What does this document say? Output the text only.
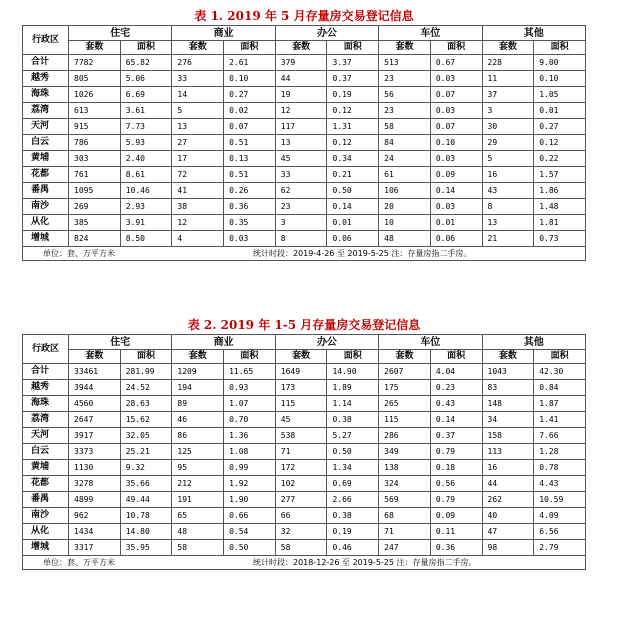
表 1. 2019 年 5 月存量房交易登记信息
行政区	住宅		商业		办公		车位		其他	
	套数	面积	套数	面积	套数	面积	套数	面积	套数	面积
合计	7782	65.82	276	2.61	379	3.37	513	0.67	228	9.00
越秀	805	5.06	33	0.10	44	0.37	23	0.03	11	0.10
海珠	1026	6.69	14	0.27	19	0.19	56	0.07	37	1.05
荔湾	613	3.61	5	0.02	12	0.12	23	0.03	3	0.01
天河	915	7.73	13	0.07	117	1.31	58	0.07	30	0.27
白云	786	5.93	27	0.51	13	0.12	84	0.10	29	0.12
黄埔	303	2.40	17	0.13	45	0.34	24	0.03	5	0.22
花都	761	8.61	72	0.51	33	0.21	61	0.09	16	1.57
番禺	1095	10.46	41	0.26	62	0.50	106	0.14	43	1.86
南沙	269	2.93	38	0.36	23	0.14	20	0.03	8	1.48
从化	385	3.91	12	0.35	3	0.01	10	0.01	13	1.81
增城	824	8.50	4	0.03	8	0.06	48	0.06	21	0.73
单位：套、万平方米 统计时段：2019-4-26 至 2019-5-25 注：存量房指二手房。										
表 2. 2019 年 1-5 月存量房交易登记信息
行政区	住宅		商业		办公		车位		其他	
	套数	面积	套数	面积	套数	面积	套数	面积	套数	面积
合计	33461	281.99	1209	11.65	1649	14.90	2607	4.04	1043	42.30
越秀	3944	24.52	194	0.93	173	1.89	175	0.23	83	0.84
海珠	4560	28.63	89	1.07	115	1.14	265	0.43	148	1.87
荔湾	2647	15.62	46	0.70	45	0.38	115	0.14	34	1.41
天河	3917	32.05	86	1.36	538	5.27	286	0.37	158	7.66
白云	3373	25.21	125	1.08	71	0.50	349	0.79	113	1.28
黄埔	1130	9.32	95	0.99	172	1.34	138	0.18	16	0.78
花都	3278	35.66	212	1.92	102	0.69	324	0.56	44	4.43
番禺	4899	49.44	191	1.90	277	2.66	569	0.79	262	10.59
南沙	962	10.78	65	0.66	66	0.38	68	0.09	40	4.09
从化	1434	14.80	48	0.54	32	0.19	71	0.11	47	6.56
增城	3317	35.95	58	0.50	58	0.46	247	0.36	98	2.79
单位：套、万平方米 统计时段：2018-12-26 至 2019-5-25 注：存量房指二手房。										
